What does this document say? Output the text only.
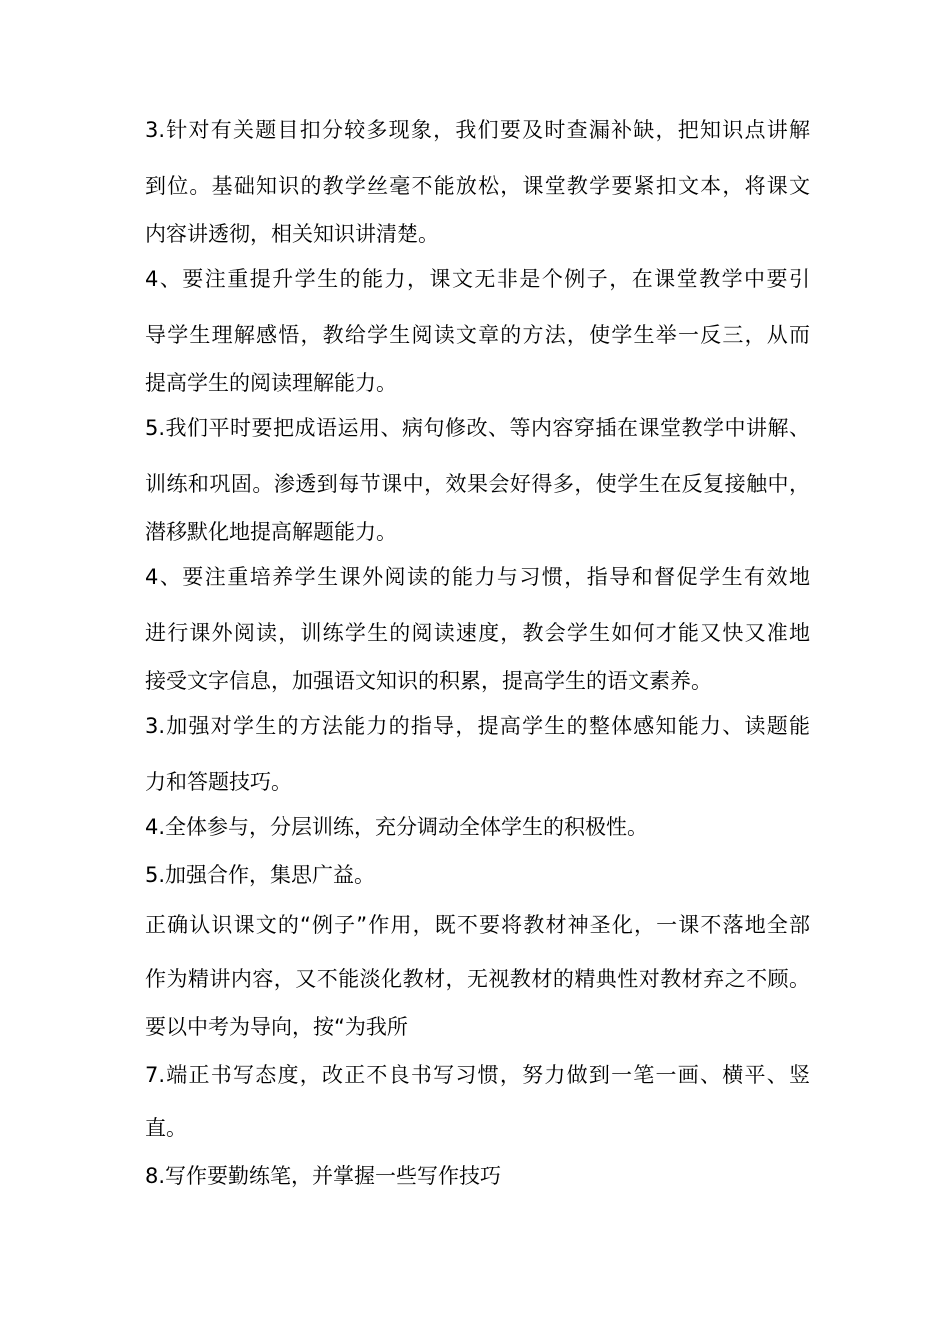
3.针对有关题目扣分较多现象，我们要及时查漏补缺，把知识点讲解
到位。基础知识的教学丝毫不能放松，课堂教学要紧扣文本，将课文
内容讲透彻，相关知识讲清楚。
4、要注重提升学生的能力，课文无非是个例子，在课堂教学中要引
导学生理解感悟，教给学生阅读文章的方法，使学生举一反三，从而
提高学生的阅读理解能力。
5.我们平时要把成语运用、病句修改、等内容穿插在课堂教学中讲解、
训练和巩固。渗透到每节课中，效果会好得多，使学生在反复接触中，
潜移默化地提高解题能力。
4、要注重培养学生课外阅读的能力与习惯，指导和督促学生有效地
进行课外阅读，训练学生的阅读速度，教会学生如何才能又快又准地
接受文字信息，加强语文知识的积累，提高学生的语文素养。
3.加强对学生的方法能力的指导，提高学生的整体感知能力、读题能
力和答题技巧。
4.全体参与，分层训练，充分调动全体学生的积极性。
5.加强合作，集思广益。
正确认识课文的“例子”作用，既不要将教材神圣化，一课不落地全部
作为精讲内容，又不能淡化教材，无视教材的精典性对教材弃之不顾。
要以中考为导向，按“为我所
7.端正书写态度，改正不良书写习惯，努力做到一笔一画、横平、竖
直。
8.写作要勤练笔，并掌握一些写作技巧
